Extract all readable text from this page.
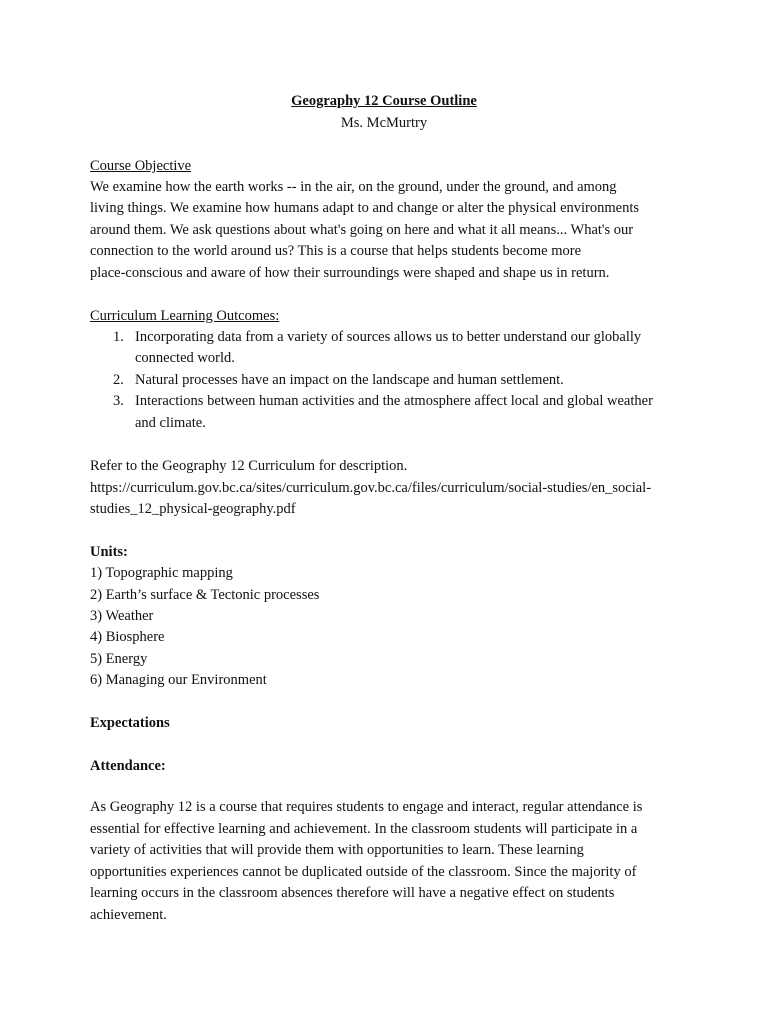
Geography 12 Course Outline
Ms. McMurtry
Course Objective
We examine how the earth works -- in the air, on the ground, under the ground, and among
living things. We examine how humans adapt to and change or alter the physical environments
around them. We ask questions about what's going on here and what it all means... What's our
connection to the world around us? This is a course that helps students become more
place-conscious and aware of how their surroundings were shaped and shape us in return.
Curriculum Learning Outcomes:
1. Incorporating data from a variety of sources allows us to better understand our globally
connected world.
2. Natural processes have an impact on the landscape and human settlement.
3. Interactions between human activities and the atmosphere affect local and global weather
and climate.
Refer to the Geography 12 Curriculum for description.
https://curriculum.gov.bc.ca/sites/curriculum.gov.bc.ca/files/curriculum/social-studies/en_social-
studies_12_physical-geography.pdf
Units:
1) Topographic mapping
2) Earth’s surface & Tectonic processes
3) Weather
4) Biosphere
5) Energy
6) Managing our Environment
Expectations
Attendance:
As Geography 12 is a course that requires students to engage and interact, regular attendance is
essential for effective learning and achievement. In the classroom students will participate in a
variety of activities that will provide them with opportunities to learn. These learning
opportunities experiences cannot be duplicated outside of the classroom. Since the majority of
learning occurs in the classroom absences therefore will have a negative effect on students
achievement.
